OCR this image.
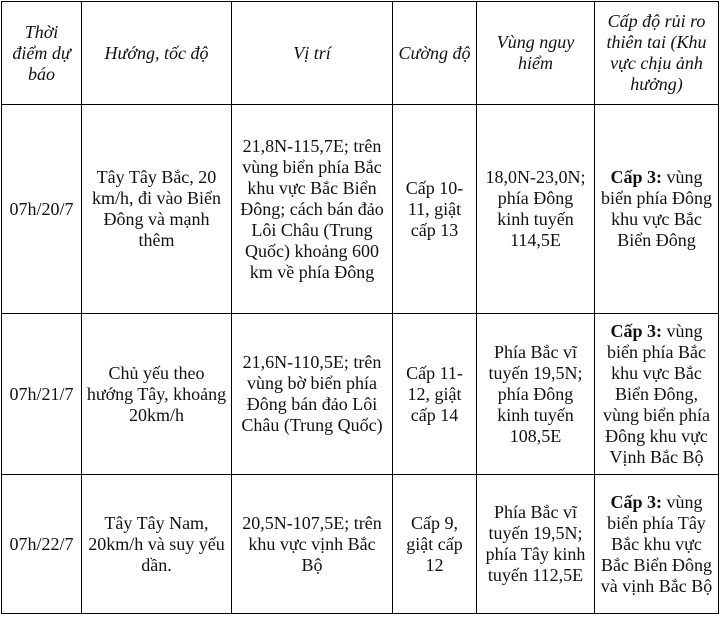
Thời điểm dự báo	Hướng, tốc độ	Vị trí	Cường độ	Vùng nguy hiểm	Cấp độ rủi ro thiên tai (Khu vực chịu ảnh hưởng)
07h/20/7	Tây Tây Bắc, 20 km/h, đi vào Biển Đông và mạnh thêm	21,8N-115,7E; trên vùng biển phía Bắc khu vực Bắc Biển Đông; cách bán đảo Lôi Châu (Trung Quốc) khoảng 600 km về phía Đông	Cấp 10-11, giật cấp 13	18,0N-23,0N; phía Đông kinh tuyến 114,5E	Cấp 3: vùng biển phía Đông khu vực Bắc Biển Đông
07h/21/7	Chủ yếu theo hướng Tây, khoảng 20km/h	21,6N-110,5E; trên vùng bờ biển phía Đông bán đảo Lôi Châu (Trung Quốc)	Cấp 11-12, giật cấp 14	Phía Bắc vĩ tuyến 19,5N; phía Đông kinh tuyến 108,5E	Cấp 3: vùng biển phía Bắc khu vực Bắc Biển Đông, vùng biển phía Đông khu vực Vịnh Bắc Bộ
07h/22/7	Tây Tây Nam, 20km/h và suy yếu dần.	20,5N-107,5E; trên khu vực vịnh Bắc Bộ	Cấp 9, giật cấp 12	Phía Bắc vĩ tuyến 19,5N; phía Tây kinh tuyến 112,5E	Cấp 3: vùng biển phía Tây Bắc khu vực Bắc Biển Đông và vịnh Bắc Bộ
